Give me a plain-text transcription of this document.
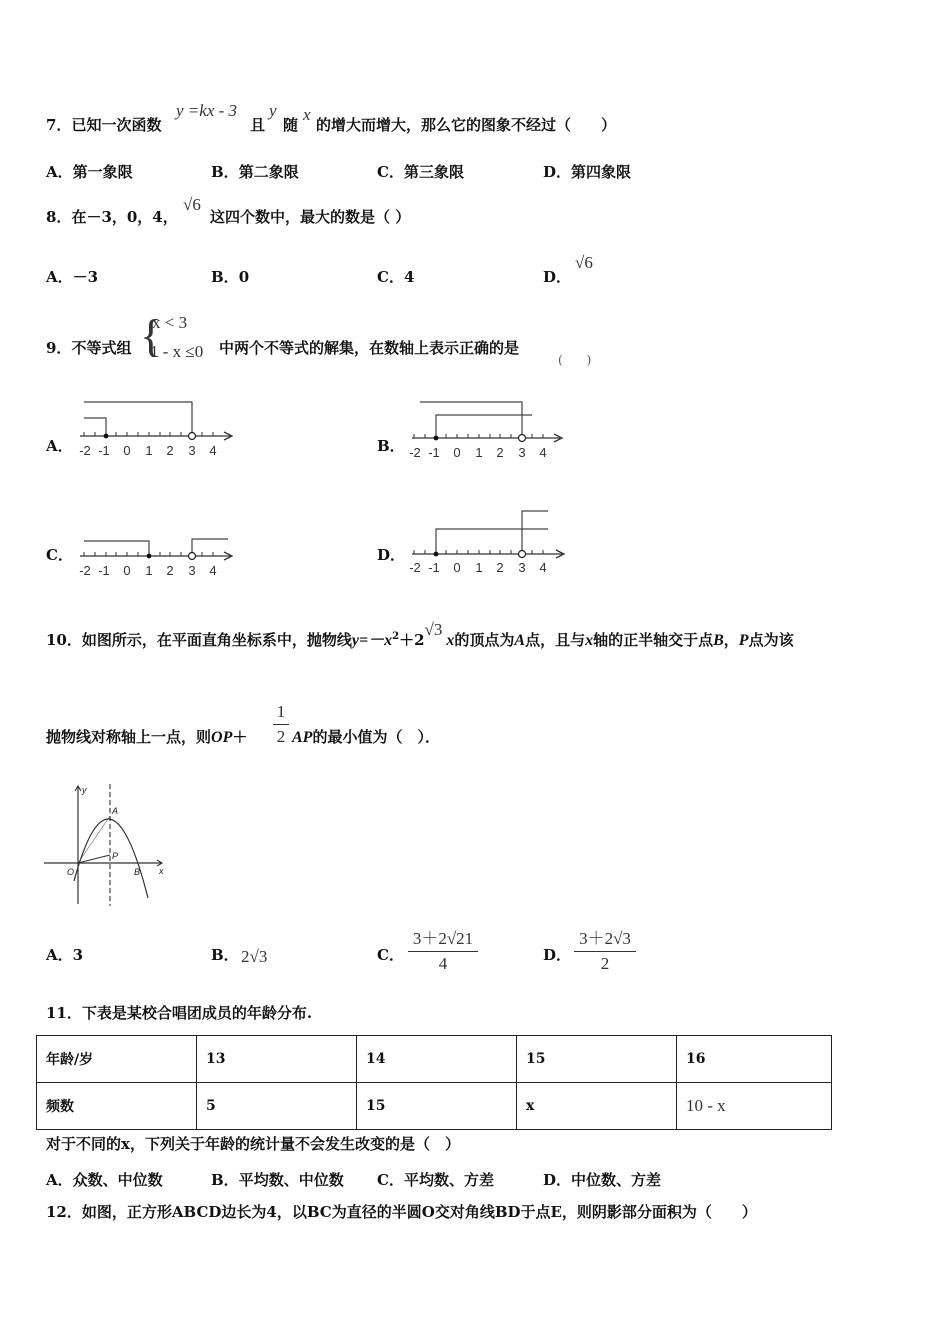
7．已知一次函数
y =kx - 3
且
y
随
x
的增大而增大，那么它的图象不经过（　　）
A．第一象限	B．第二象限	C．第三象限	D．第四象限
8．在－3，0，4，
√6
这四个数中，最大的数是（ ）
A．－3	B．0	C．4	D．
√6
9．不等式组 {
x < 3
1 - x ≤0 中两个不等式的解集，在数轴上表示正确的是
(　　)
A．	B．
C．	D．
-2 -1 0 1 2 3 4	-2 -1 0 1 2 3 4
-2 -1 0 1 2 3 4	-2 -1 0 1 2 3 4
10．如图所示，在平面直角坐标系中，抛物线$y=-x^2+2√3$ x的顶点为A点，且与x轴的正半轴交于点B，P点为该
抛物线对称轴上一点，则OP＋
1
2 AP的最小值为（　）．
y
x
O
A
P
B
A．3	B． 2√3	C．
3＋2√21
4	D．
3＋2√3
2
11．下表是某校合唱团成员的年龄分布.
年龄/岁	13	14	15	16
频数	5	15	x	10 - x
对于不同的x，下列关于年龄的统计量不会发生改变的是（　）
A．众数、中位数	B．平均数、中位数 C．平均数、方差	D．中位数、方差
12．如图，正方形ABCD边长为4，以BC为直径的半圆O交对角线BD于点E，则阴影部分面积为（　　）
